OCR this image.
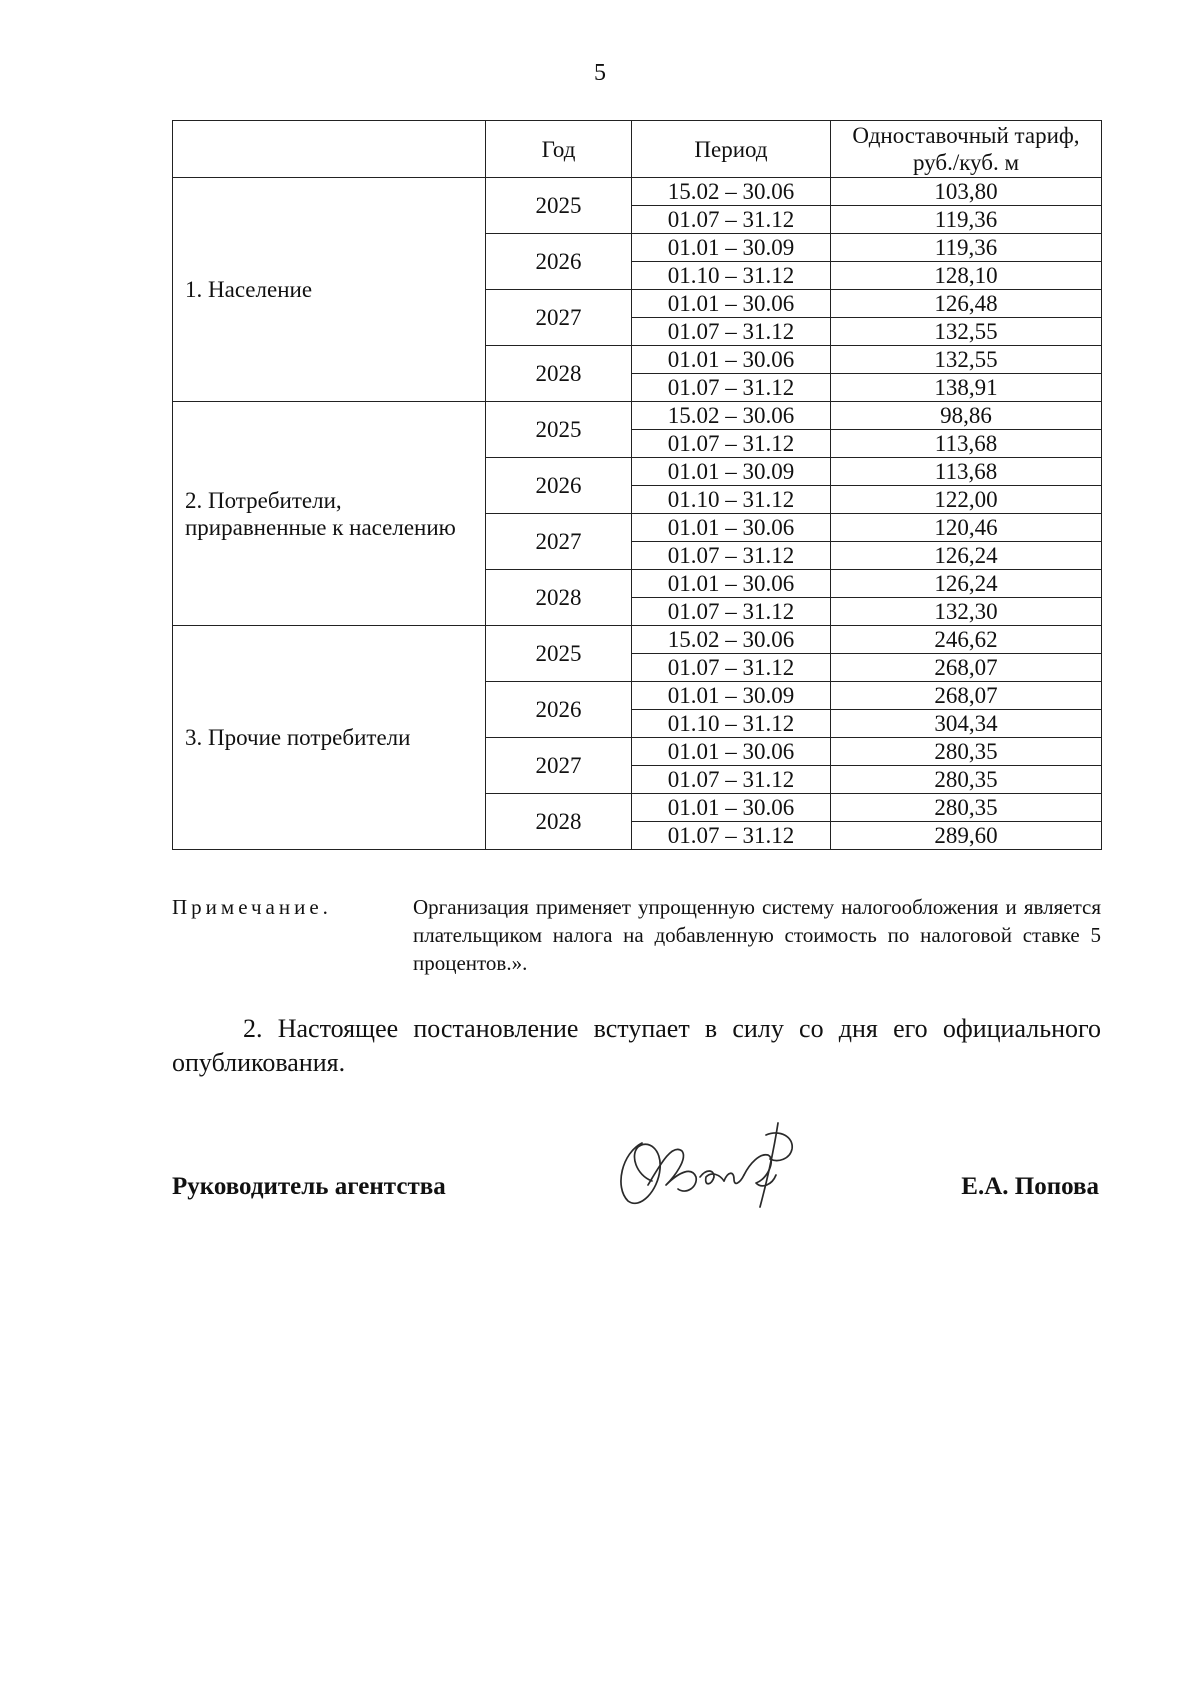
5
	Год	Период	Одноставочный тариф, руб./куб. м
1. Население	2025	15.02 – 30.06	103,80
		01.07 – 31.12	119,36
	2026	01.01 – 30.09	119,36
		01.10 – 31.12	128,10
	2027	01.01 – 30.06	126,48
		01.07 – 31.12	132,55
	2028	01.01 – 30.06	132,55
		01.07 – 31.12	138,91
2. Потребители, приравненные к населению	2025	15.02 – 30.06	98,86
		01.07 – 31.12	113,68
	2026	01.01 – 30.09	113,68
		01.10 – 31.12	122,00
	2027	01.01 – 30.06	120,46
		01.07 – 31.12	126,24
	2028	01.01 – 30.06	126,24
		01.07 – 31.12	132,30
3. Прочие потребители	2025	15.02 – 30.06	246,62
		01.07 – 31.12	268,07
	2026	01.01 – 30.09	268,07
		01.10 – 31.12	304,34
	2027	01.01 – 30.06	280,35
		01.07 – 31.12	280,35
	2028	01.01 – 30.06	280,35
		01.07 – 31.12	289,60
Примечание.	Организация применяет упрощенную систему налогообложения и является плательщиком налога на добавленную стоимость по налоговой ставке 5 процентов.».
2. Настоящее постановление вступает в силу со дня его официального опубликования.
Руководитель агентства	Е.А. Попова
